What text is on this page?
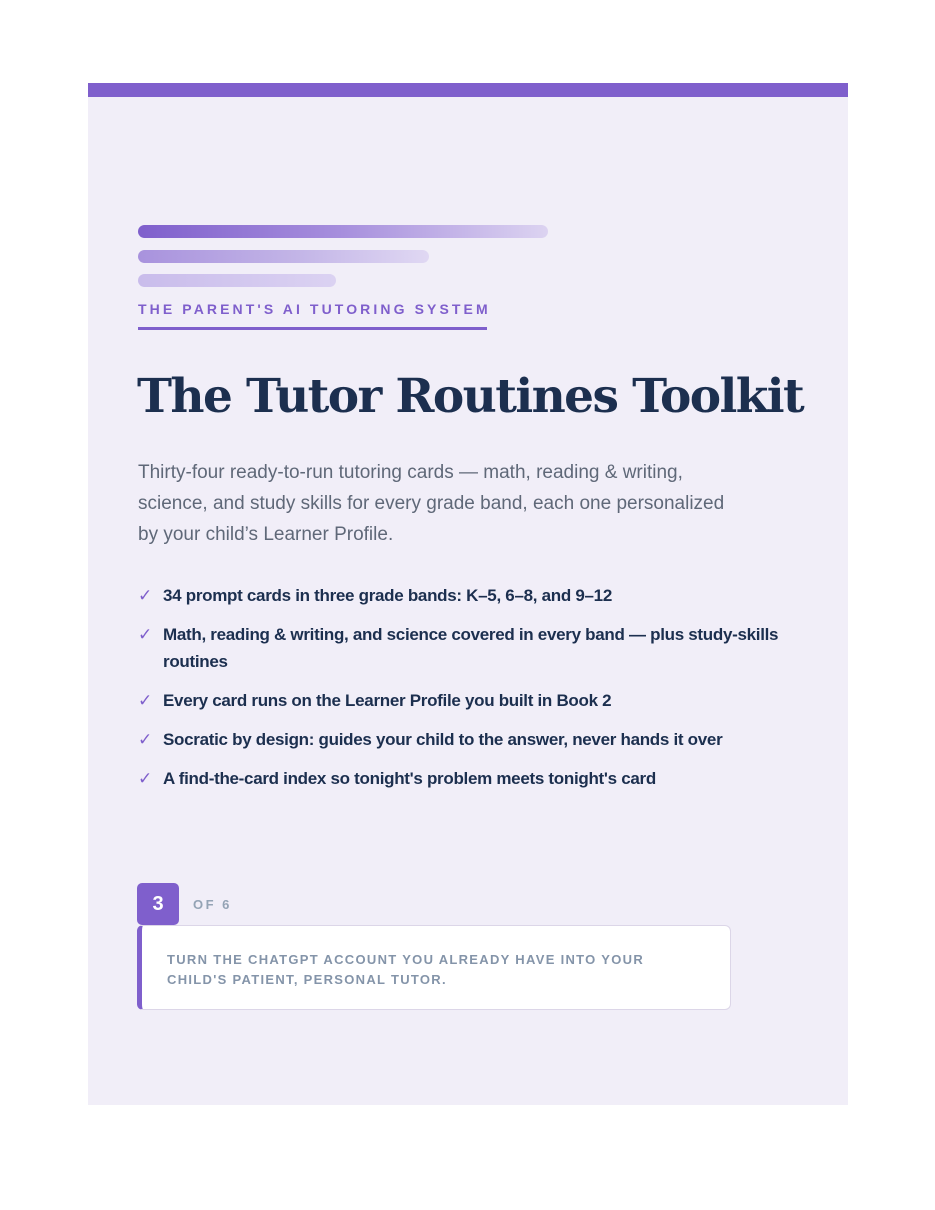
THE PARENT'S AI TUTORING SYSTEM
The Tutor Routines Toolkit

Thirty-four ready-to-run tutoring cards — math, reading & writing, science, and study skills for every grade band, each one personalized by your child’s Learner Profile.

✓ 34 prompt cards in three grade bands: K–5, 6–8, and 9–12
✓ Math, reading & writing, and science covered in every band — plus study-skills routines
✓ Every card runs on the Learner Profile you built in Book 2
✓ Socratic by design: guides your child to the answer, never hands it over
✓ A find-the-card index so tonight's problem meets tonight's card
3	OF 6

TURN THE CHATGPT ACCOUNT YOU ALREADY HAVE INTO YOUR CHILD'S PATIENT, PERSONAL TUTOR.
